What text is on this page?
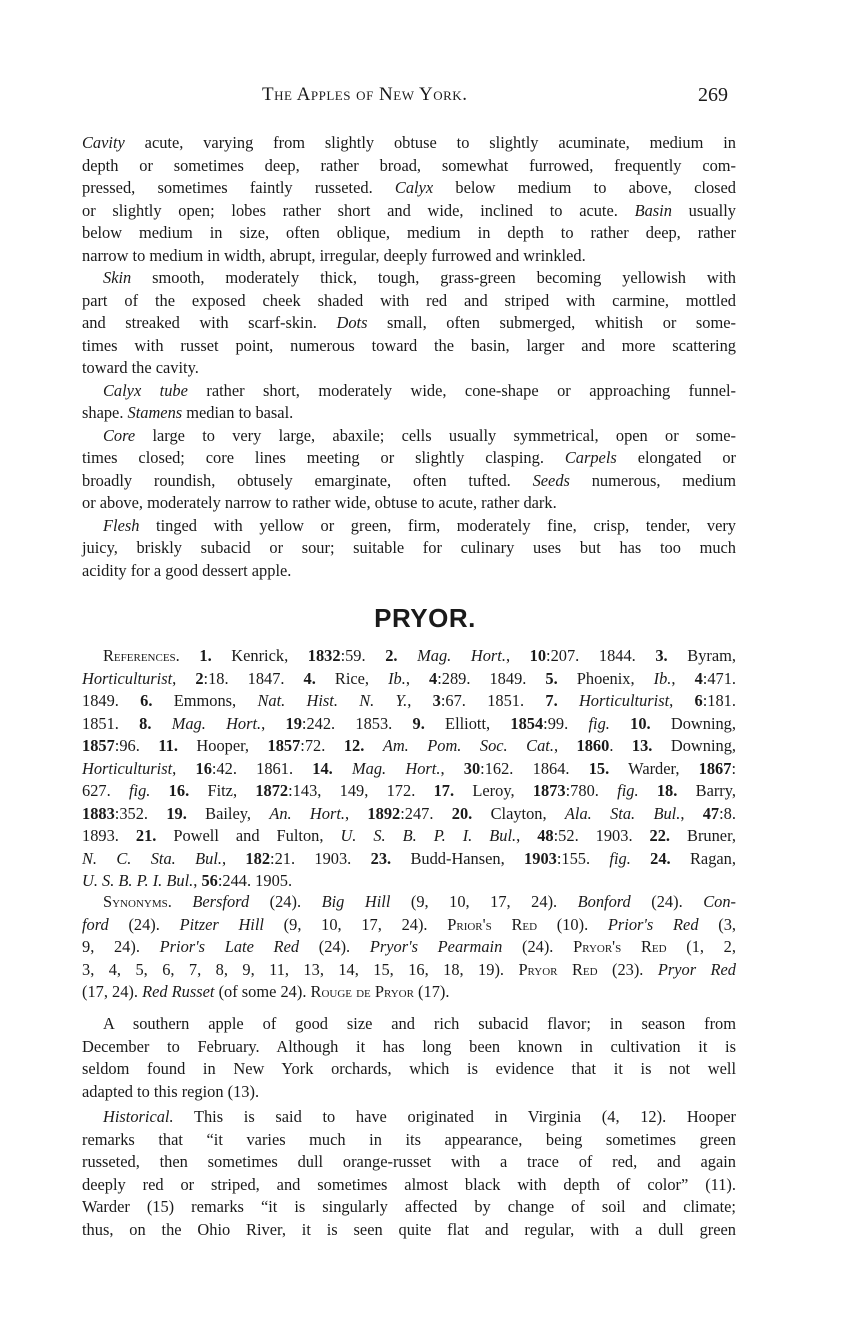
The Apples of New York.	269
Cavity acute, varying from slightly obtuse to slightly acuminate, medium in
depth or sometimes deep, rather broad, somewhat furrowed, frequently com-
pressed, sometimes faintly russeted. Calyx below medium to above, closed
or slightly open; lobes rather short and wide, inclined to acute. Basin usually
below medium in size, often oblique, medium in depth to rather deep, rather
narrow to medium in width, abrupt, irregular, deeply furrowed and wrinkled.
Skin smooth, moderately thick, tough, grass-green becoming yellowish with
part of the exposed cheek shaded with red and striped with carmine, mottled
and streaked with scarf-skin. Dots small, often submerged, whitish or some-
times with russet point, numerous toward the basin, larger and more scattering
toward the cavity.
Calyx tube rather short, moderately wide, cone-shape or approaching funnel-
shape. Stamens median to basal.
Core large to very large, abaxile; cells usually symmetrical, open or some-
times closed; core lines meeting or slightly clasping. Carpels elongated or
broadly roundish, obtusely emarginate, often tufted. Seeds numerous, medium
or above, moderately narrow to rather wide, obtuse to acute, rather dark.
Flesh tinged with yellow or green, firm, moderately fine, crisp, tender, very
juicy, briskly subacid or sour; suitable for culinary uses but has too much
acidity for a good dessert apple.
PRYOR.
References. 1. Kenrick, 1832:59. 2. Mag. Hort., 10:207. 1844. 3. Byram,
Horticulturist, 2:18. 1847. 4. Rice, Ib., 4:289. 1849. 5. Phoenix, Ib., 4:471.
1849. 6. Emmons, Nat. Hist. N. Y., 3:67. 1851. 7. Horticulturist, 6:181.
1851. 8. Mag. Hort., 19:242. 1853. 9. Elliott, 1854:99. fig. 10. Downing,
1857:96. 11. Hooper, 1857:72. 12. Am. Pom. Soc. Cat., 1860. 13. Downing,
Horticulturist, 16:42. 1861. 14. Mag. Hort., 30:162. 1864. 15. Warder, 1867:
627. fig. 16. Fitz, 1872:143, 149, 172. 17. Leroy, 1873:780. fig. 18. Barry,
1883:352. 19. Bailey, An. Hort., 1892:247. 20. Clayton, Ala. Sta. Bul., 47:8.
1893. 21. Powell and Fulton, U. S. B. P. I. Bul., 48:52. 1903. 22. Bruner,
N. C. Sta. Bul., 182:21. 1903. 23. Budd-Hansen, 1903:155. fig. 24. Ragan,
U. S. B. P. I. Bul., 56:244. 1905.
Synonyms. Bersford (24). Big Hill (9, 10, 17, 24). Bonford (24). Con-
ford (24). Pitzer Hill (9, 10, 17, 24). Prior's Red (10). Prior's Red (3,
9, 24). Prior's Late Red (24). Pryor's Pearmain (24). Pryor's Red (1, 2,
3, 4, 5, 6, 7, 8, 9, 11, 13, 14, 15, 16, 18, 19). Pryor Red (23). Pryor Red
(17, 24). Red Russet (of some 24). Rouge de Pryor (17).
A southern apple of good size and rich subacid flavor; in season from
December to February. Although it has long been known in cultivation it is
seldom found in New York orchards, which is evidence that it is not well
adapted to this region (13).
Historical. This is said to have originated in Virginia (4, 12). Hooper
remarks that “it varies much in its appearance, being sometimes green
russeted, then sometimes dull orange-russet with a trace of red, and again
deeply red or striped, and sometimes almost black with depth of color” (11).
Warder (15) remarks “it is singularly affected by change of soil and climate;
thus, on the Ohio River, it is seen quite flat and regular, with a dull green
